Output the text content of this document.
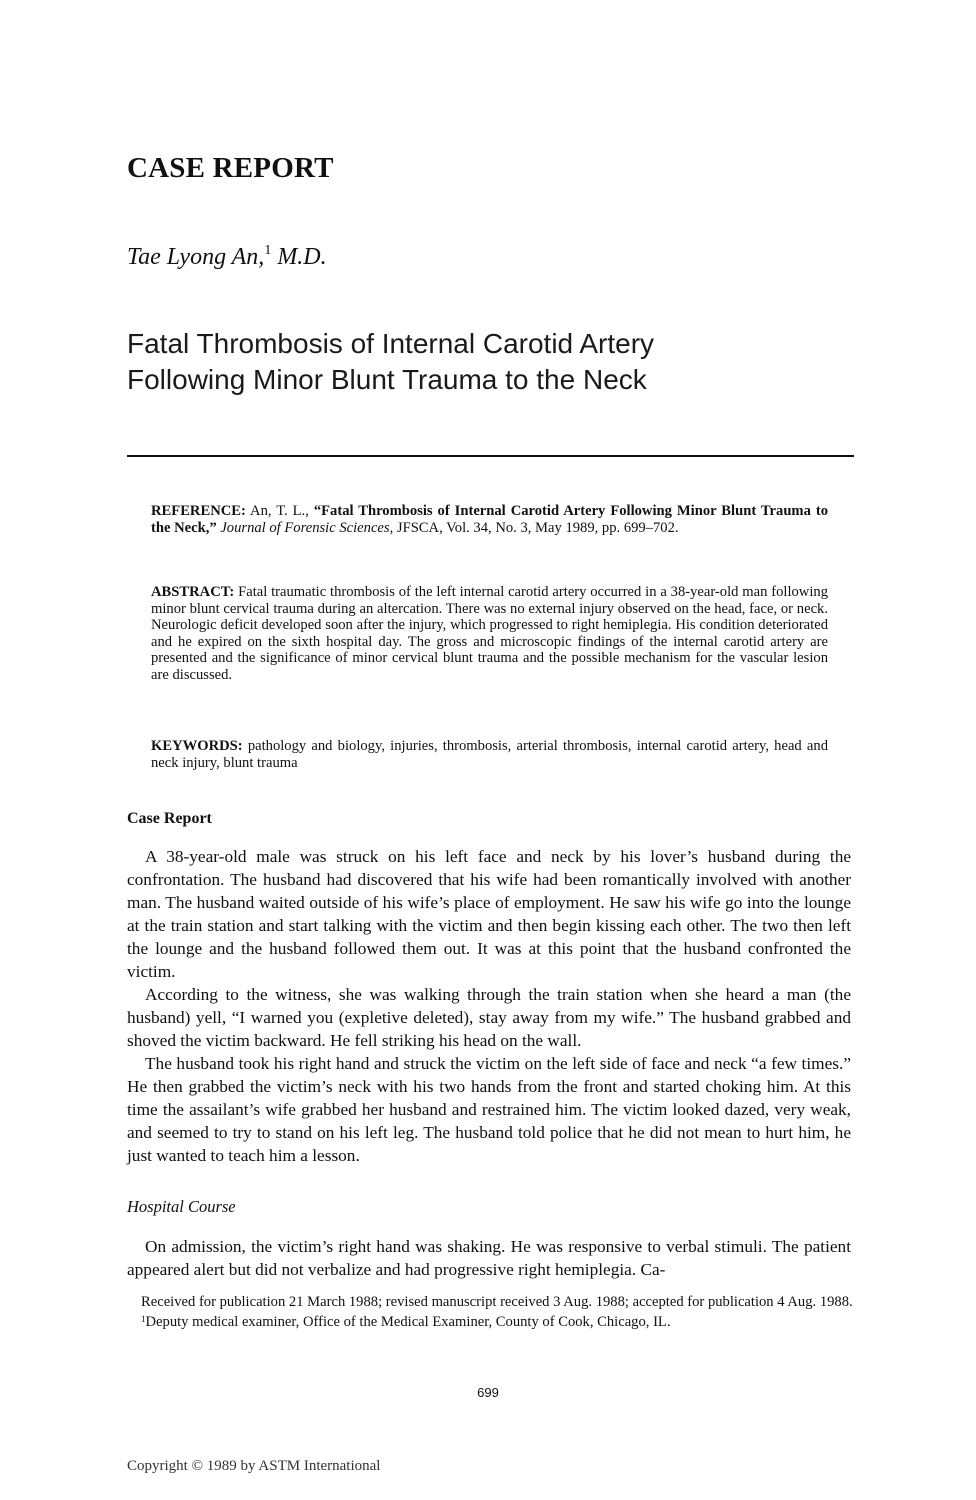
CASE REPORT
Tae Lyong An,$^1$ M.D.
Fatal Thrombosis of Internal Carotid Artery
Following Minor Blunt Trauma to the Neck
REFERENCE: An, T. L., “Fatal Thrombosis of Internal Carotid Artery Following Minor Blunt Trauma to the Neck,” Journal of Forensic Sciences, JFSCA, Vol. 34, No. 3, May 1989, pp. 699–702.
ABSTRACT: Fatal traumatic thrombosis of the left internal carotid artery occurred in a 38-year-old man following minor blunt cervical trauma during an altercation. There was no external injury observed on the head, face, or neck. Neurologic deficit developed soon after the injury, which progressed to right hemiplegia. His condition deteriorated and he expired on the sixth hospital day. The gross and microscopic findings of the internal carotid artery are presented and the significance of minor cervical blunt trauma and the possible mechanism for the vascular lesion are discussed.
KEYWORDS: pathology and biology, injuries, thrombosis, arterial thrombosis, internal carotid artery, head and neck injury, blunt trauma
Case Report

A 38-year-old male was struck on his left face and neck by his lover’s husband during the confrontation. The husband had discovered that his wife had been romantically involved with another man. The husband waited outside of his wife’s place of employment. He saw his wife go into the lounge at the train station and start talking with the victim and then begin kissing each other. The two then left the lounge and the husband followed them out. It was at this point that the husband confronted the victim.

According to the witness, she was walking through the train station when she heard a man (the husband) yell, “I warned you (expletive deleted), stay away from my wife.” The husband grabbed and shoved the victim backward. He fell striking his head on the wall.

The husband took his right hand and struck the victim on the left side of face and neck “a few times.” He then grabbed the victim’s neck with his two hands from the front and started choking him. At this time the assailant’s wife grabbed her husband and restrained him. The victim looked dazed, very weak, and seemed to try to stand on his left leg. The husband told police that he did not mean to hurt him, he just wanted to teach him a lesson.

Hospital Course

On admission, the victim’s right hand was shaking. He was responsive to verbal stimuli. The patient appeared alert but did not verbalize and had progressive right hemiplegia. Ca-

Received for publication 21 March 1988; revised manuscript received 3 Aug. 1988; accepted for publication 4 Aug. 1988.

$^1$Deputy medical examiner, Office of the Medical Examiner, County of Cook, Chicago, IL.

699
Copyright © 1989 by ASTM International
